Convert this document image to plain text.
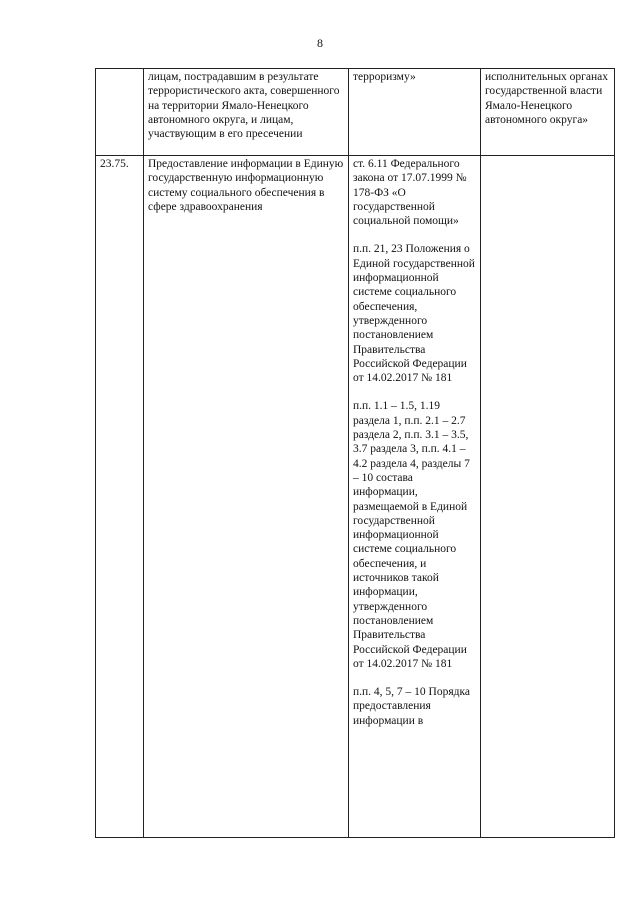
8
	лицам, пострадавшим в результате террористического акта, совершенного на территории Ямало-Ненецкого автономного округа, и лицам, участвующим в его пресечении	терроризму»	исполнительных органах государственной власти Ямало-Ненецкого автономного округа»
23.75.	Предоставление информации в Единую государственную информационную систему социального обеспечения в сфере здравоохранения	ст. 6.11 Федерального закона от 17.07.1999 № 178-ФЗ «О государственной социальной помощи»
п.п. 21, 23 Положения о Единой государственной информационной системе социального обеспечения, утвержденного постановлением Правительства Российской Федерации от 14.02.2017 № 181
п.п. 1.1 – 1.5, 1.19 раздела 1, п.п. 2.1 – 2.7 раздела 2, п.п. 3.1 – 3.5, 3.7 раздела 3, п.п. 4.1 – 4.2 раздела 4, разделы 7 – 10 состава информации, размещаемой в Единой государственной информационной системе социального обеспечения, и источников такой информации, утвержденного постановлением Правительства Российской Федерации от 14.02.2017 № 181
п.п. 4, 5, 7 – 10 Порядка предоставления информации в	
